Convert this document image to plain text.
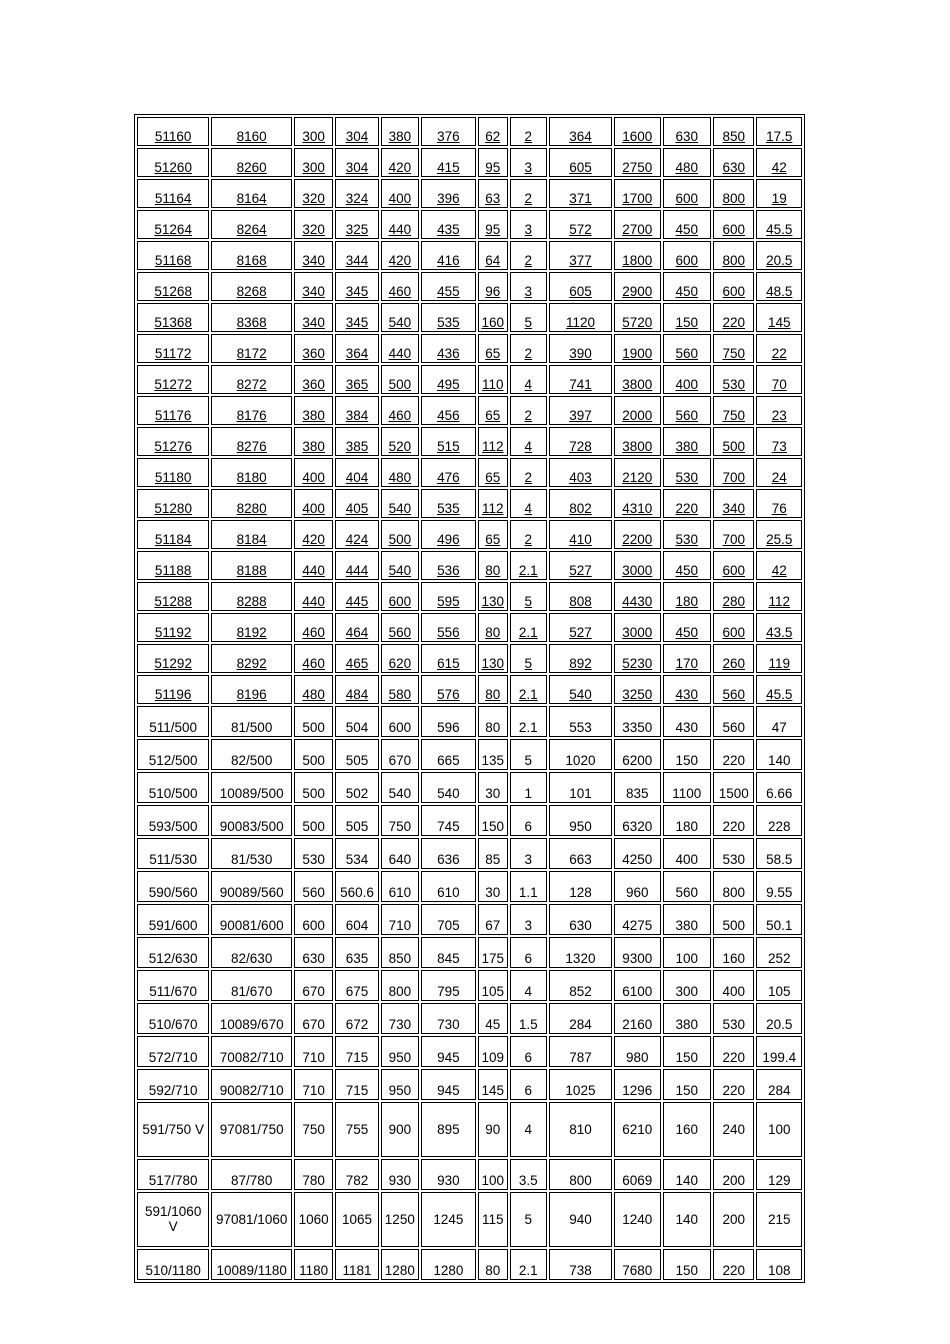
51160	8160	300	304	380	376	62	2	364	1600	630	850	17.5
51260	8260	300	304	420	415	95	3	605	2750	480	630	42
51164	8164	320	324	400	396	63	2	371	1700	600	800	19
51264	8264	320	325	440	435	95	3	572	2700	450	600	45.5
51168	8168	340	344	420	416	64	2	377	1800	600	800	20.5
51268	8268	340	345	460	455	96	3	605	2900	450	600	48.5
51368	8368	340	345	540	535	160	5	1120	5720	150	220	145
51172	8172	360	364	440	436	65	2	390	1900	560	750	22
51272	8272	360	365	500	495	110	4	741	3800	400	530	70
51176	8176	380	384	460	456	65	2	397	2000	560	750	23
51276	8276	380	385	520	515	112	4	728	3800	380	500	73
51180	8180	400	404	480	476	65	2	403	2120	530	700	24
51280	8280	400	405	540	535	112	4	802	4310	220	340	76
51184	8184	420	424	500	496	65	2	410	2200	530	700	25.5
51188	8188	440	444	540	536	80	2.1	527	3000	450	600	42
51288	8288	440	445	600	595	130	5	808	4430	180	280	112
51192	8192	460	464	560	556	80	2.1	527	3000	450	600	43.5
51292	8292	460	465	620	615	130	5	892	5230	170	260	119
51196	8196	480	484	580	576	80	2.1	540	3250	430	560	45.5
511/500	81/500	500	504	600	596	80	2.1	553	3350	430	560	47
512/500	82/500	500	505	670	665	135	5	1020	6200	150	220	140
510/500	10089/500	500	502	540	540	30	1	101	835	1100	1500	6.66
593/500	90083/500	500	505	750	745	150	6	950	6320	180	220	228
511/530	81/530	530	534	640	636	85	3	663	4250	400	530	58.5
590/560	90089/560	560	560.6	610	610	30	1.1	128	960	560	800	9.55
591/600	90081/600	600	604	710	705	67	3	630	4275	380	500	50.1
512/630	82/630	630	635	850	845	175	6	1320	9300	100	160	252
511/670	81/670	670	675	800	795	105	4	852	6100	300	400	105
510/670	10089/670	670	672	730	730	45	1.5	284	2160	380	530	20.5
572/710	70082/710	710	715	950	945	109	6	787	980	150	220	199.4
592/710	90082/710	710	715	950	945	145	6	1025	1296	150	220	284
591/750 V	97081/750	750	755	900	895	90	4	810	6210	160	240	100
517/780	87/780	780	782	930	930	100	3.5	800	6069	140	200	129
591/1060 V	97081/1060	1060	1065	1250	1245	115	5	940	1240	140	200	215
510/1180	10089/1180	1180	1181	1280	1280	80	2.1	738	7680	150	220	108
